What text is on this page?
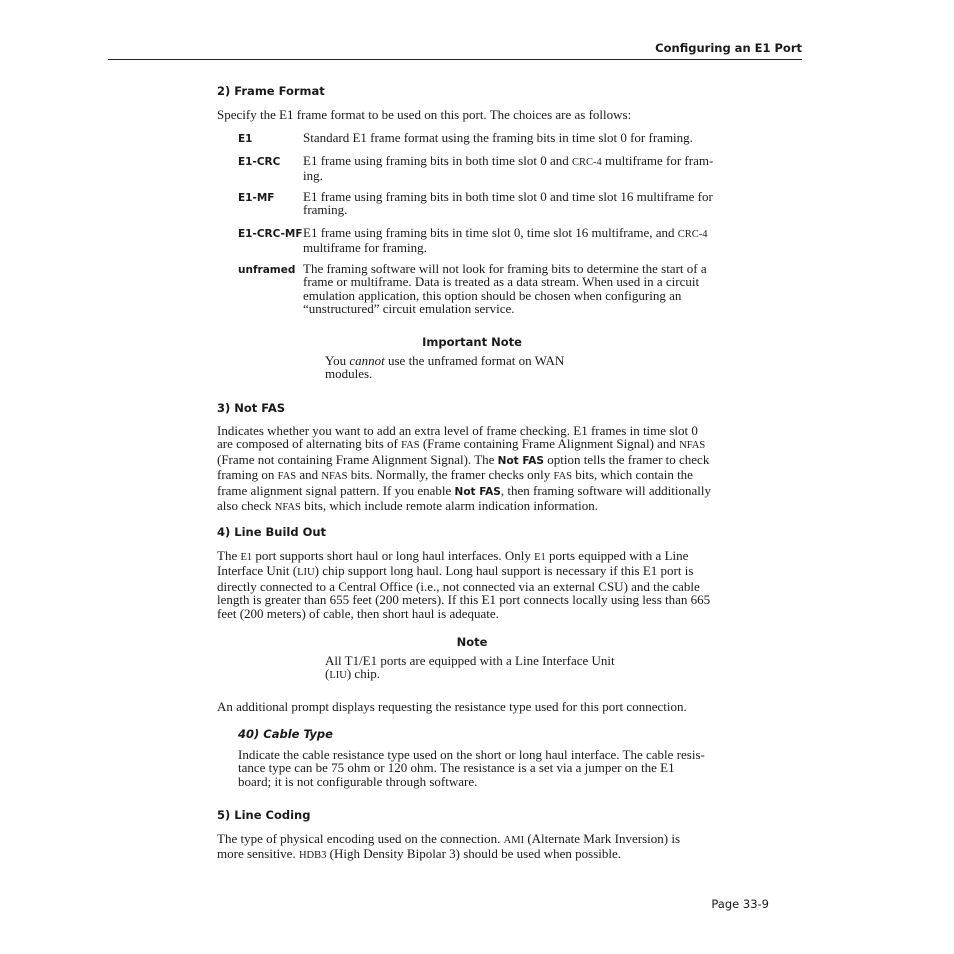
Configuring an E1 Port
2) Frame Format
Specify the E1 frame format to be used on this port. The choices are as follows:
E1	Standard E1 frame format using the framing bits in time slot 0 for framing.
E1-CRC E1 frame using framing bits in both time slot 0 and CRC-4 multiframe for fram-
ing.
E1-MF E1 frame using framing bits in both time slot 0 and time slot 16 multiframe for
framing.
E1-CRC-MF E1 frame using framing bits in time slot 0, time slot 16 multiframe, and CRC-4
multiframe for framing.
unframed The framing software will not look for framing bits to determine the start of a
frame or multiframe. Data is treated as a data stream. When used in a circuit
emulation application, this option should be chosen when configuring an
“unstructured” circuit emulation service.
Important Note
You cannot use the unframed format on WAN
modules.
3) Not FAS
Indicates whether you want to add an extra level of frame checking. E1 frames in time slot 0
are composed of alternating bits of FAS (Frame containing Frame Alignment Signal) and NFAS
(Frame not containing Frame Alignment Signal). The Not FAS option tells the framer to check
framing on FAS and NFAS bits. Normally, the framer checks only FAS bits, which contain the
frame alignment signal pattern. If you enable Not FAS, then framing software will additionally
also check NFAS bits, which include remote alarm indication information.
4) Line Build Out
The E1 port supports short haul or long haul interfaces. Only E1 ports equipped with a Line
Interface Unit (LIU) chip support long haul. Long haul support is necessary if this E1 port is
directly connected to a Central Office (i.e., not connected via an external CSU) and the cable
length is greater than 655 feet (200 meters). If this E1 port connects locally using less than 665
feet (200 meters) of cable, then short haul is adequate.
Note
All T1/E1 ports are equipped with a Line Interface Unit
(LIU) chip.
An additional prompt displays requesting the resistance type used for this port connection.
40) Cable Type
Indicate the cable resistance type used on the short or long haul interface. The cable resis-
tance type can be 75 ohm or 120 ohm. The resistance is a set via a jumper on the E1
board; it is not configurable through software.
5) Line Coding
The type of physical encoding used on the connection. AMI (Alternate Mark Inversion) is
more sensitive. HDB3 (High Density Bipolar 3) should be used when possible.
Page 33-9
